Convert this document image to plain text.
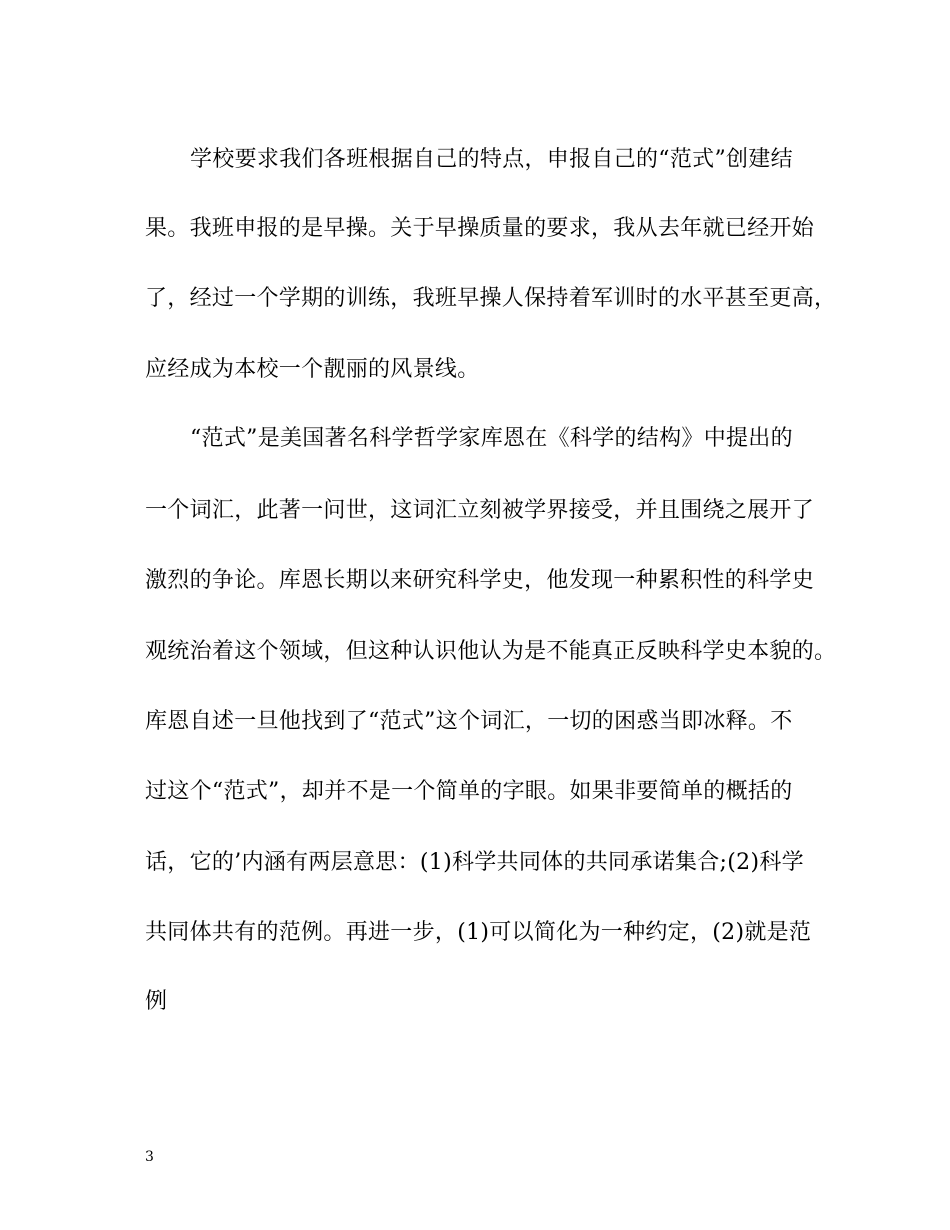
学校要求我们各班根据自己的特点，申报自己的“范式”创建结
果。我班申报的是早操。关于早操质量的要求，我从去年就已经开始
了，经过一个学期的训练，我班早操人保持着军训时的水平甚至更高，
应经成为本校一个靓丽的风景线。
“范式”是美国著名科学哲学家库恩在《科学的结构》中提出的
一个词汇，此著一问世，这词汇立刻被学界接受，并且围绕之展开了
激烈的争论。库恩长期以来研究科学史，他发现一种累积性的科学史
观统治着这个领域，但这种认识他认为是不能真正反映科学史本貌的。
库恩自述一旦他找到了“范式”这个词汇，一切的困惑当即冰释。不
过这个“范式”，却并不是一个简单的字眼。如果非要简单的概括的
话，它的’内涵有两层意思：(1)科学共同体的共同承诺集合;(2)科学
共同体共有的范例。再进一步，(1)可以简化为一种约定，(2)就是范
例
3
